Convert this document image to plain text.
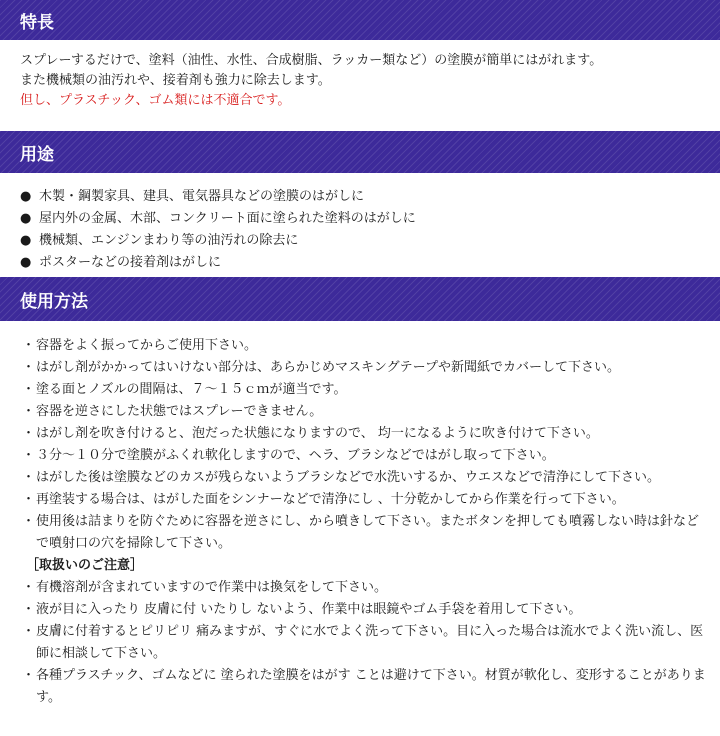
特長
スプレーするだけで、塗料（油性、水性、合成樹脂、ラッカー類など）の塗膜が簡単にはがれます。
また機械類の油汚れや、接着剤も強力に除去します。
但し、プラスチック、ゴム類には不適合です。
用途
● 木製・鋼製家具、建具、電気器具などの塗膜のはがしに
● 屋内外の金属、木部、コンクリート面に塗られた塗料のはがしに
● 機械類、エンジンまわり等の油汚れの除去に
● ポスターなどの接着剤はがしに
使用方法
・ 容器をよく振ってからご使用下さい。
・ はがし剤がかかってはいけない部分は、あらかじめマスキングテープや新聞紙でカバーして下さい。
・ 塗る面とノズルの間隔は、７～１５ｃｍが適当です。
・ 容器を逆さにした状態ではスプレーできません。
・ はがし剤を吹き付けると、泡だった状態になりますので、 均一になるように吹き付けて下さい。
・ ３分～１０分で塗膜がふくれ軟化しますので、ヘラ、ブラシなどではがし取って下さい。
・ はがした後は塗膜などのカスが残らないようブラシなどで水洗いするか、ウエスなどで清浄にして下さい。
・ 再塗装する場合は、はがした面をシンナーなどで清浄にし 、十分乾かしてから作業を行って下さい。
・ 使用後は詰まりを防ぐために容器を逆さにし、から噴きして下さい。またボタンを押しても噴霧しない時は針などで噴射口の穴を掃除して下さい。
［取扱いのご注意］
・ 有機溶剤が含まれていますので作業中は換気をして下さい。
・ 液が目に入ったり 皮膚に付 いたりし ないよう、作業中は眼鏡やゴム手袋を着用して下さい。
・ 皮膚に付着するとピリピリ 痛みますが、すぐに水でよく洗って下さい。目に入った場合は流水でよく洗い流し、医師に相談して下さい。
・ 各種プラスチック、ゴムなどに 塗られた塗膜をはがす ことは避けて下さい。材質が軟化し、変形することがあります。
